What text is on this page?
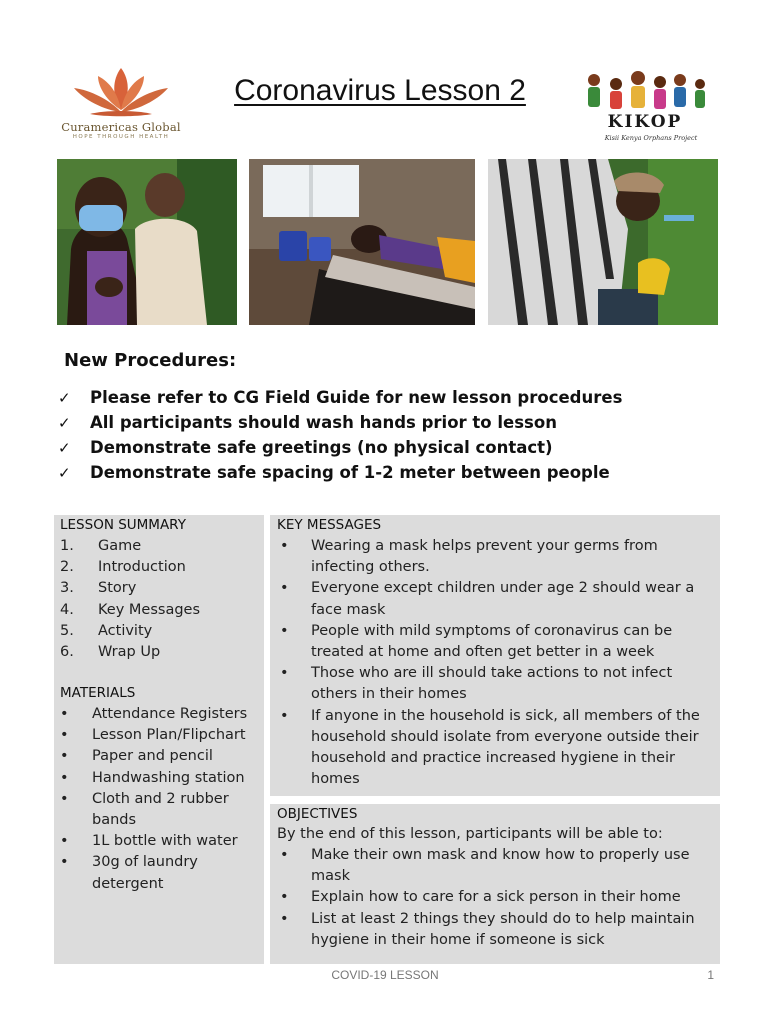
Curamericas Global
HOPE THROUGH HEALTH
Coronavirus Lesson 2
KIKOP
Kisii Kenya Orphans Project
New Procedures:
✓	Please refer to CG Field Guide for new lesson procedures
✓	All participants should wash hands prior to lesson
✓	Demonstrate safe greetings (no physical contact)
✓	Demonstrate safe spacing of 1-2 meter between people
LESSON SUMMARY
1. Game
2. Introduction
3. Story
4. Key Messages
5. Activity
6. Wrap Up
MATERIALS
• Attendance Registers
• Lesson Plan/Flipchart
• Paper and pencil
• Handwashing station
• Cloth and 2 rubber bands
• 1L bottle with water
• 30g of laundry detergent
KEY MESSAGES
• Wearing a mask helps prevent your germs from infecting others.
• Everyone except children under age 2 should wear a face mask
• People with mild symptoms of coronavirus can be treated at home and often get better in a week
• Those who are ill should take actions to not infect others in their homes
• If anyone in the household is sick, all members of the household should isolate from everyone outside their household and practice increased hygiene in their homes
OBJECTIVES
By the end of this lesson, participants will be able to:
• Make their own mask and know how to properly use mask
• Explain how to care for a sick person in their home
• List at least 2 things they should do to help maintain hygiene in their home if someone is sick
COVID-19 LESSON	1
